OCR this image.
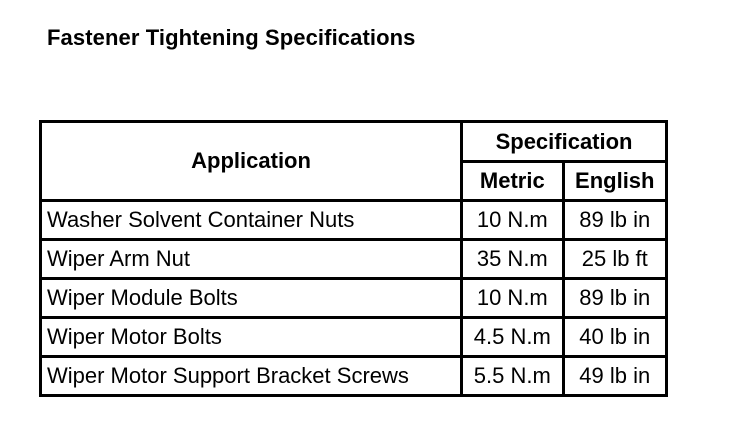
Fastener Tightening Specifications
Application	Specification	
	Metric	English
Washer Solvent Container Nuts	10 N.m	89 lb in
Wiper Arm Nut	35 N.m	25 lb ft
Wiper Module Bolts	10 N.m	89 lb in
Wiper Motor Bolts	4.5 N.m	40 lb in
Wiper Motor Support Bracket Screws	5.5 N.m	49 lb in
